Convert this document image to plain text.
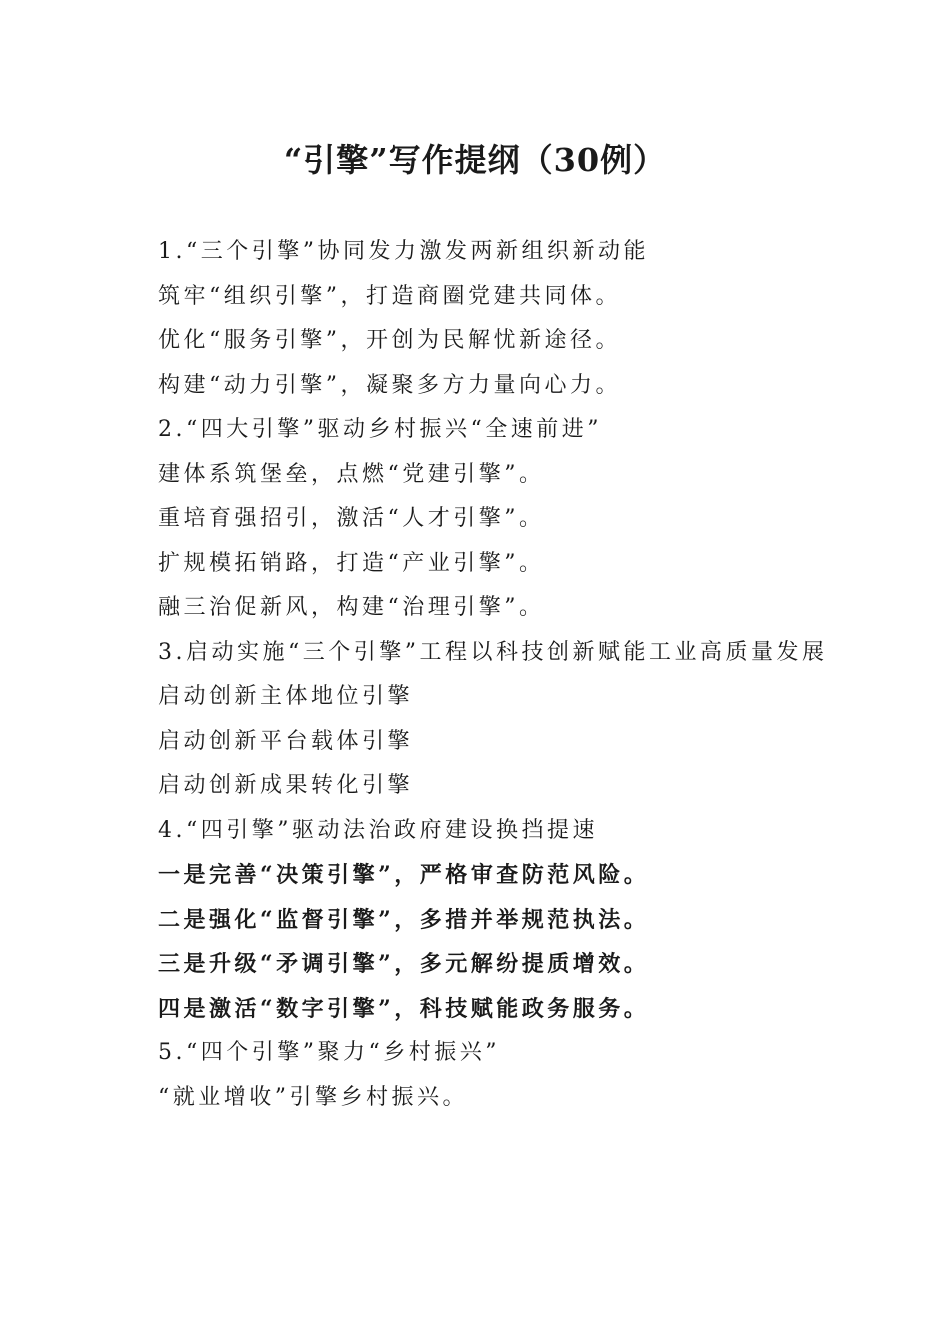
“引擎”写作提纲（30例）

1.“三个引擎”协同发力激发两新组织新动能

筑牢“组织引擎”，打造商圈党建共同体。

优化“服务引擎”，开创为民解忧新途径。

构建“动力引擎”，凝聚多方力量向心力。

2.“四大引擎”驱动乡村振兴“全速前进”

建体系筑堡垒，点燃“党建引擎”。

重培育强招引，激活“人才引擎”。

扩规模拓销路，打造“产业引擎”。

融三治促新风，构建“治理引擎”。

3.启动实施“三个引擎”工程以科技创新赋能工业高质量发展

启动创新主体地位引擎

启动创新平台载体引擎

启动创新成果转化引擎

4.“四引擎”驱动法治政府建设换挡提速

一是完善“决策引擎”，严格审查防范风险。

二是强化“监督引擎”，多措并举规范执法。

三是升级“矛调引擎”，多元解纷提质增效。

四是激活“数字引擎”，科技赋能政务服务。

5.“四个引擎”聚力“乡村振兴”

“就业增收”引擎乡村振兴。
